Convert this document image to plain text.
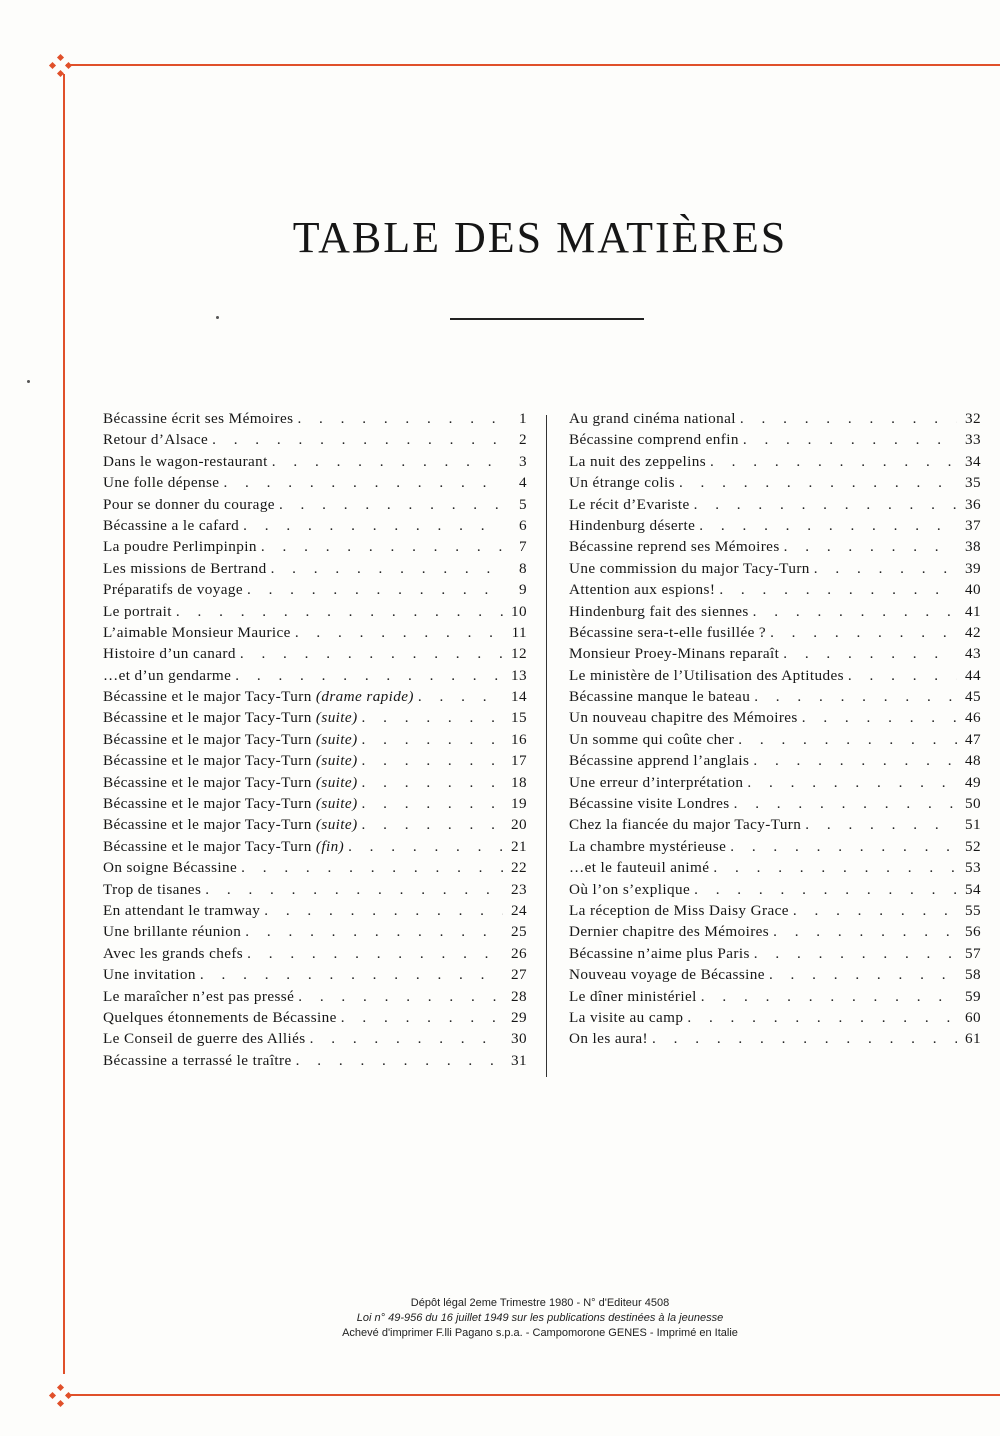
TABLE DES MATIÈRES
Bécassine écrit ses Mémoires . . .	1
Retour d’Alsace . . .	2
Dans le wagon-restaurant . . .	3
Une folle dépense . . .	4
Pour se donner du courage . . .	5
Bécassine a le cafard . . .	6
La poudre Perlimpinpin . . .	7
Les missions de Bertrand . . .	8
Préparatifs de voyage . . .	9
Le portrait . . .	10
L’aimable Monsieur Maurice . . .	11
Histoire d’un canard . . .	12
…et d’un gendarme . . .	13
Bécassine et le major Tacy-Turn (drame rapide) . . .	14
Bécassine et le major Tacy-Turn (suite) . . .	15
Bécassine et le major Tacy-Turn (suite) . . .	16
Bécassine et le major Tacy-Turn (suite) . . .	17
Bécassine et le major Tacy-Turn (suite) . . .	18
Bécassine et le major Tacy-Turn (suite) . . .	19
Bécassine et le major Tacy-Turn (suite) . . .	20
Bécassine et le major Tacy-Turn (fin) . . .	21
On soigne Bécassine . . .	22
Trop de tisanes . . .	23
En attendant le tramway . . .	24
Une brillante réunion . . .	25
Avec les grands chefs . . .	26
Une invitation . . .	27
Le maraîcher n’est pas pressé . . .	28
Quelques étonnements de Bécassine . . .	29
Le Conseil de guerre des Alliés . . .	30
Bécassine a terrassé le traître . . .	31
Au grand cinéma national . . .	32
Bécassine comprend enfin . . .	33
La nuit des zeppelins . . .	34
Un étrange colis . . .	35
Le récit d’Evariste . . .	36
Hindenburg déserte . . .	37
Bécassine reprend ses Mémoires . . .	38
Une commission du major Tacy-Turn . . .	39
Attention aux espions! . . .	40
Hindenburg fait des siennes . . .	41
Bécassine sera-t-elle fusillée ? . . .	42
Monsieur Proey-Minans reparaît . . .	43
Le ministère de l’Utilisation des Aptitudes . . .	44
Bécassine manque le bateau . . .	45
Un nouveau chapitre des Mémoires . . .	46
Un somme qui coûte cher . . .	47
Bécassine apprend l’anglais . . .	48
Une erreur d’interprétation . . .	49
Bécassine visite Londres . . .	50
Chez la fiancée du major Tacy-Turn . . .	51
La chambre mystérieuse . . .	52
…et le fauteuil animé . . .	53
Où l’on s’explique . . .	54
La réception de Miss Daisy Grace . . .	55
Dernier chapitre des Mémoires . . .	56
Bécassine n’aime plus Paris . . .	57
Nouveau voyage de Bécassine . . .	58
Le dîner ministériel . . .	59
La visite au camp . . .	60
On les aura! . . .	61
Dépôt légal 2eme Trimestre 1980 - N° d'Editeur 4508
Loi n° 49-956 du 16 juillet 1949 sur les publications destinées à la jeunesse
Achevé d'imprimer F.lli Pagano s.p.a. - Campomorone GENES - Imprimé en Italie
